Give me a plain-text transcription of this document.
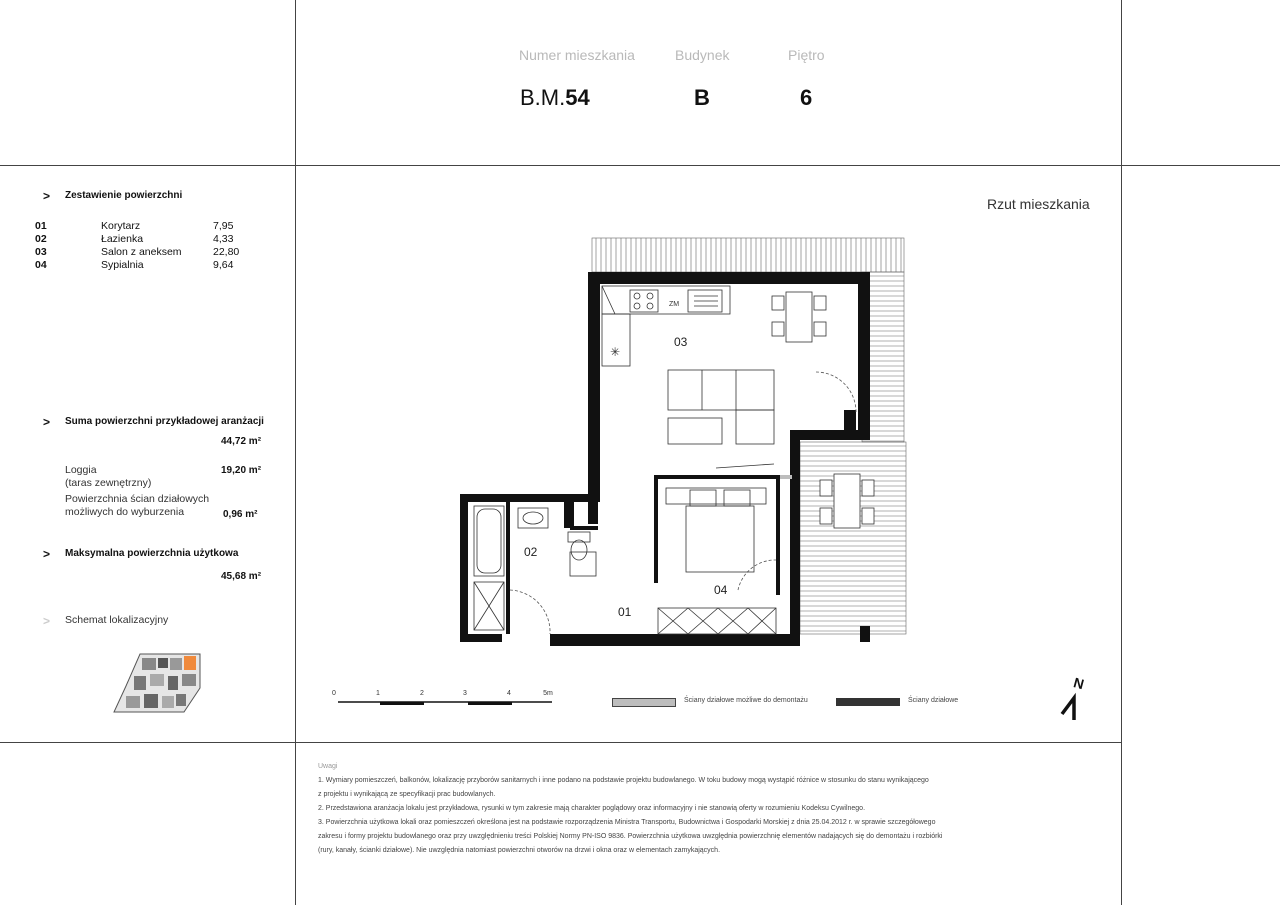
Numer mieszkania	Budynek	Piętro
B.M.54	B	6
> Zestawienie powierzchni
01	Korytarz	7,95
02	Łazienka	4,33
03	Salon z aneksem	22,80
04	Sypialnia	9,64
> Suma powierzchni przykładowej aranżacji
44,72 m²
Loggia
(taras zewnętrzny)
19,20 m²
Powierzchnia ścian działowych
możliwych do wyburzenia	0,96 m²
> Maksymalna powierzchnia użytkowa
45,68 m²
> Schemat lokalizacyjny
Rzut mieszkania
ZM
✳
03
02
04
01
0	1	2	3	4	5m
Ściany działowe możliwe do demontażu	Ściany działowe
N
Uwagi
1. Wymiary pomieszczeń, balkonów, lokalizację przyborów sanitarnych i inne podano na podstawie projektu budowlanego. W toku budowy mogą wystąpić różnice w stosunku do stanu wynikającego
z projektu i wynikającą ze specyfikacji prac budowlanych.
2. Przedstawiona aranżacja lokalu jest przykładowa, rysunki w tym zakresie mają charakter poglądowy oraz informacyjny i nie stanowią oferty w rozumieniu Kodeksu Cywilnego.
3. Powierzchnia użytkowa lokali oraz pomieszczeń określona jest na podstawie rozporządzenia Ministra Transportu, Budownictwa i Gospodarki Morskiej z dnia 25.04.2012 r. w sprawie szczegółowego
zakresu i formy projektu budowlanego oraz przy uwzględnieniu treści Polskiej Normy PN-ISO 9836. Powierzchnia użytkowa uwzględnia powierzchnię elementów nadających się do demontażu i rozbiórki
(rury, kanały, ścianki działowe). Nie uwzględnia natomiast powierzchni otworów na drzwi i okna oraz w elementach zamykających.
